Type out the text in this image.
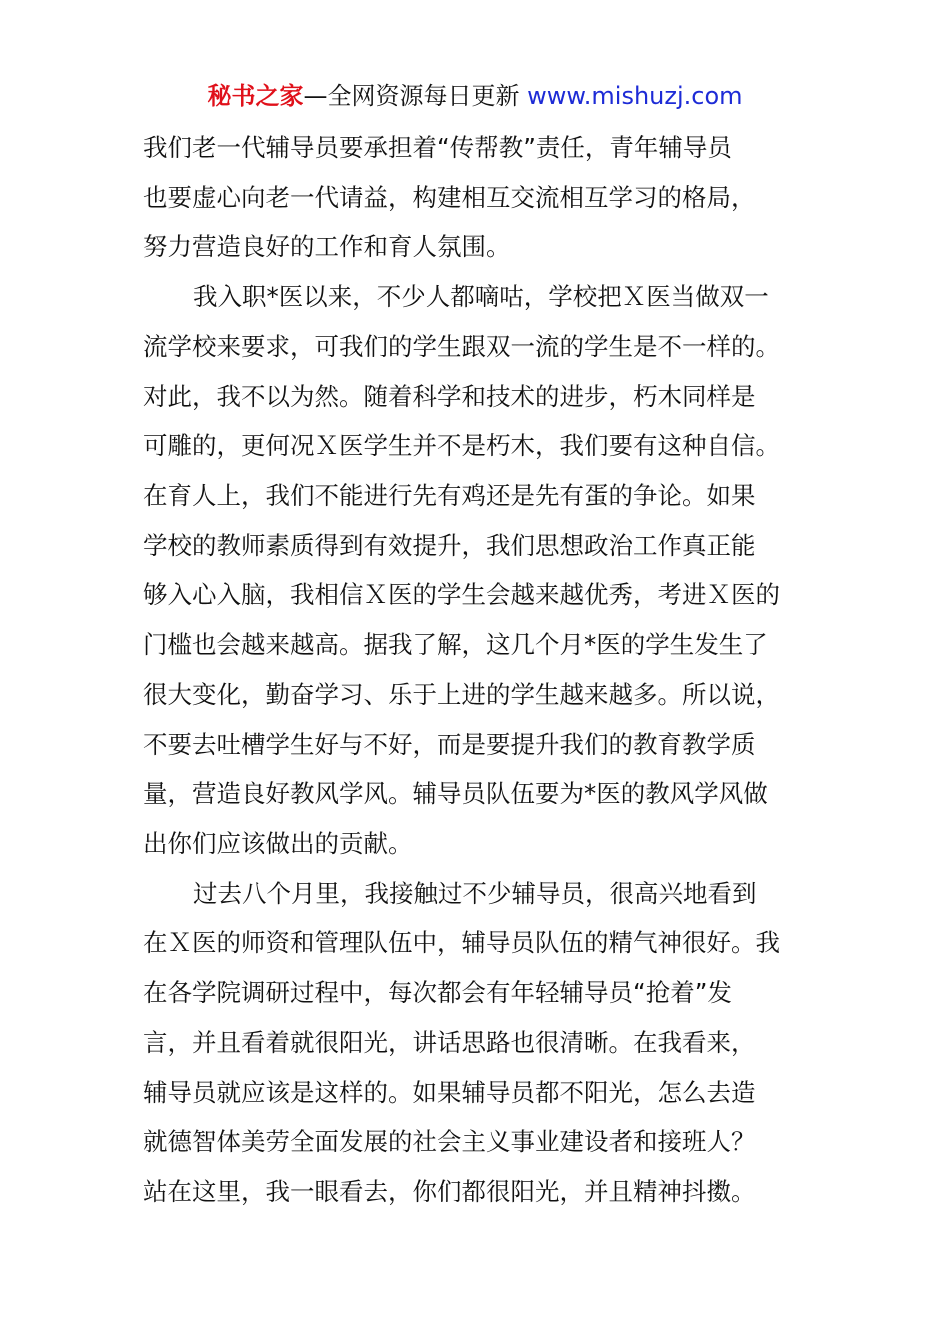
秘书之家—全网资源每日更新 www.mishuzj.com
我们老一代辅导员要承担着“传帮教”责任，青年辅导员
也要虚心向老一代请益，构建相互交流相互学习的格局，
努力营造良好的工作和育人氛围。
我入职*医以来，不少人都嘀咕，学校把Ｘ医当做双一
流学校来要求，可我们的学生跟双一流的学生是不一样的。
对此，我不以为然。随着科学和技术的进步，朽木同样是
可雕的，更何况Ｘ医学生并不是朽木，我们要有这种自信。
在育人上，我们不能进行先有鸡还是先有蛋的争论。如果
学校的教师素质得到有效提升，我们思想政治工作真正能
够入心入脑，我相信Ｘ医的学生会越来越优秀，考进Ｘ医的
门槛也会越来越高。据我了解，这几个月*医的学生发生了
很大变化，勤奋学习、乐于上进的学生越来越多。所以说，
不要去吐槽学生好与不好，而是要提升我们的教育教学质
量，营造良好教风学风。辅导员队伍要为*医的教风学风做
出你们应该做出的贡献。
过去八个月里，我接触过不少辅导员，很高兴地看到
在Ｘ医的师资和管理队伍中，辅导员队伍的精气神很好。我
在各学院调研过程中，每次都会有年轻辅导员“抢着”发
言，并且看着就很阳光，讲话思路也很清晰。在我看来，
辅导员就应该是这样的。如果辅导员都不阳光，怎么去造
就德智体美劳全面发展的社会主义事业建设者和接班人？
站在这里，我一眼看去，你们都很阳光，并且精神抖擞。
